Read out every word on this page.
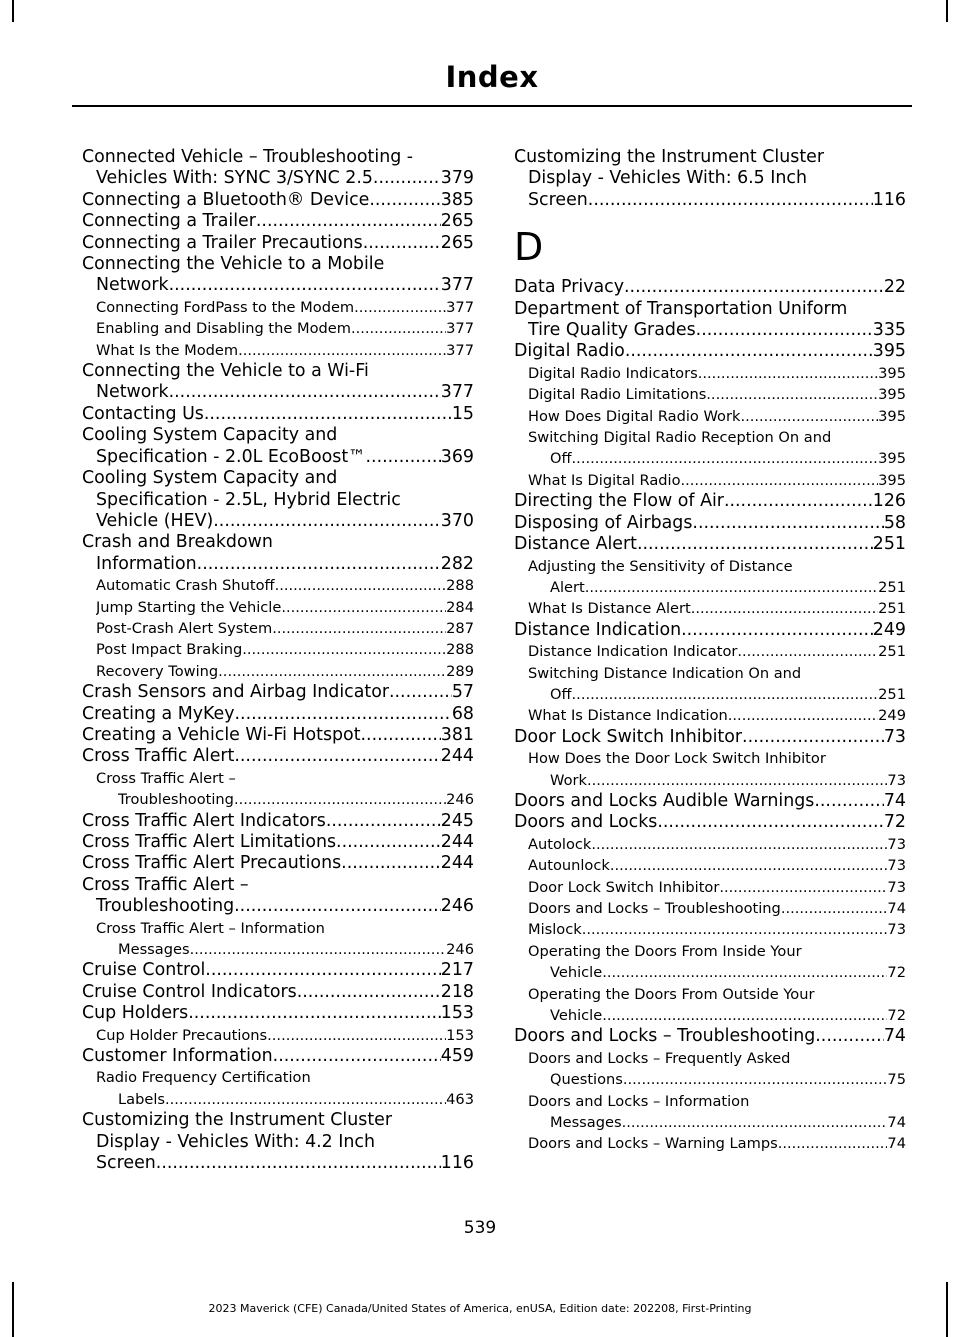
Index
Connected Vehicle – Troubleshooting -
Vehicles With: SYNC 3/SYNC 2.5 .....	379
Connecting a Bluetooth® Device .....	385
Connecting a Trailer .....	265
Connecting a Trailer Precautions .....	265
Connecting the Vehicle to a Mobile
Network .....	377
Connecting FordPass to the Modem .....	377
Enabling and Disabling the Modem .....	377
What Is the Modem .....	377
Connecting the Vehicle to a Wi-Fi
Network .....	377
Contacting Us .....	15
Cooling System Capacity and
Specification - 2.0L EcoBoost™ .....	369
Cooling System Capacity and
Specification - 2.5L, Hybrid Electric
Vehicle (HEV) .....	370
Crash and Breakdown
Information .....	282
Automatic Crash Shutoff .....	288
Jump Starting the Vehicle .....	284
Post-Crash Alert System .....	287
Post Impact Braking .....	288
Recovery Towing .....	289
Crash Sensors and Airbag Indicator .....	57
Creating a MyKey .....	68
Creating a Vehicle Wi-Fi Hotspot .....	381
Cross Traffic Alert .....	244
Cross Traffic Alert –
Troubleshooting .....	246
Cross Traffic Alert Indicators .....	245
Cross Traffic Alert Limitations .....	244
Cross Traffic Alert Precautions .....	244
Cross Traffic Alert –
Troubleshooting .....	246
Cross Traffic Alert – Information
Messages .....	246
Cruise Control .....	217
Cruise Control Indicators .....	218
Cup Holders .....	153
Cup Holder Precautions .....	153
Customer Information .....	459
Radio Frequency Certification
Labels .....	463
Customizing the Instrument Cluster
Display - Vehicles With: 4.2 Inch
Screen .....	116
Customizing the Instrument Cluster
Display - Vehicles With: 6.5 Inch
Screen .....	116
D
Data Privacy .....	22
Department of Transportation Uniform
Tire Quality Grades .....	335
Digital Radio .....	395
Digital Radio Indicators .....	395
Digital Radio Limitations .....	395
How Does Digital Radio Work .....	395
Switching Digital Radio Reception On and
Off .....	395
What Is Digital Radio .....	395
Directing the Flow of Air .....	126
Disposing of Airbags .....	58
Distance Alert .....	251
Adjusting the Sensitivity of Distance
Alert .....	251
What Is Distance Alert .....	251
Distance Indication .....	249
Distance Indication Indicator .....	251
Switching Distance Indication On and
Off .....	251
What Is Distance Indication .....	249
Door Lock Switch Inhibitor .....	73
How Does the Door Lock Switch Inhibitor
Work .....	73
Doors and Locks Audible Warnings .....	74
Doors and Locks .....	72
Autolock .....	73
Autounlock .....	73
Door Lock Switch Inhibitor .....	73
Doors and Locks – Troubleshooting .....	74
Mislock .....	73
Operating the Doors From Inside Your
Vehicle .....	72
Operating the Doors From Outside Your
Vehicle .....	72
Doors and Locks – Troubleshooting .....	74
Doors and Locks – Frequently Asked
Questions .....	75
Doors and Locks – Information
Messages .....	74
Doors and Locks – Warning Lamps .....	74
539
2023 Maverick (CFE) Canada/United States of America, enUSA, Edition date: 202208, First-Printing
